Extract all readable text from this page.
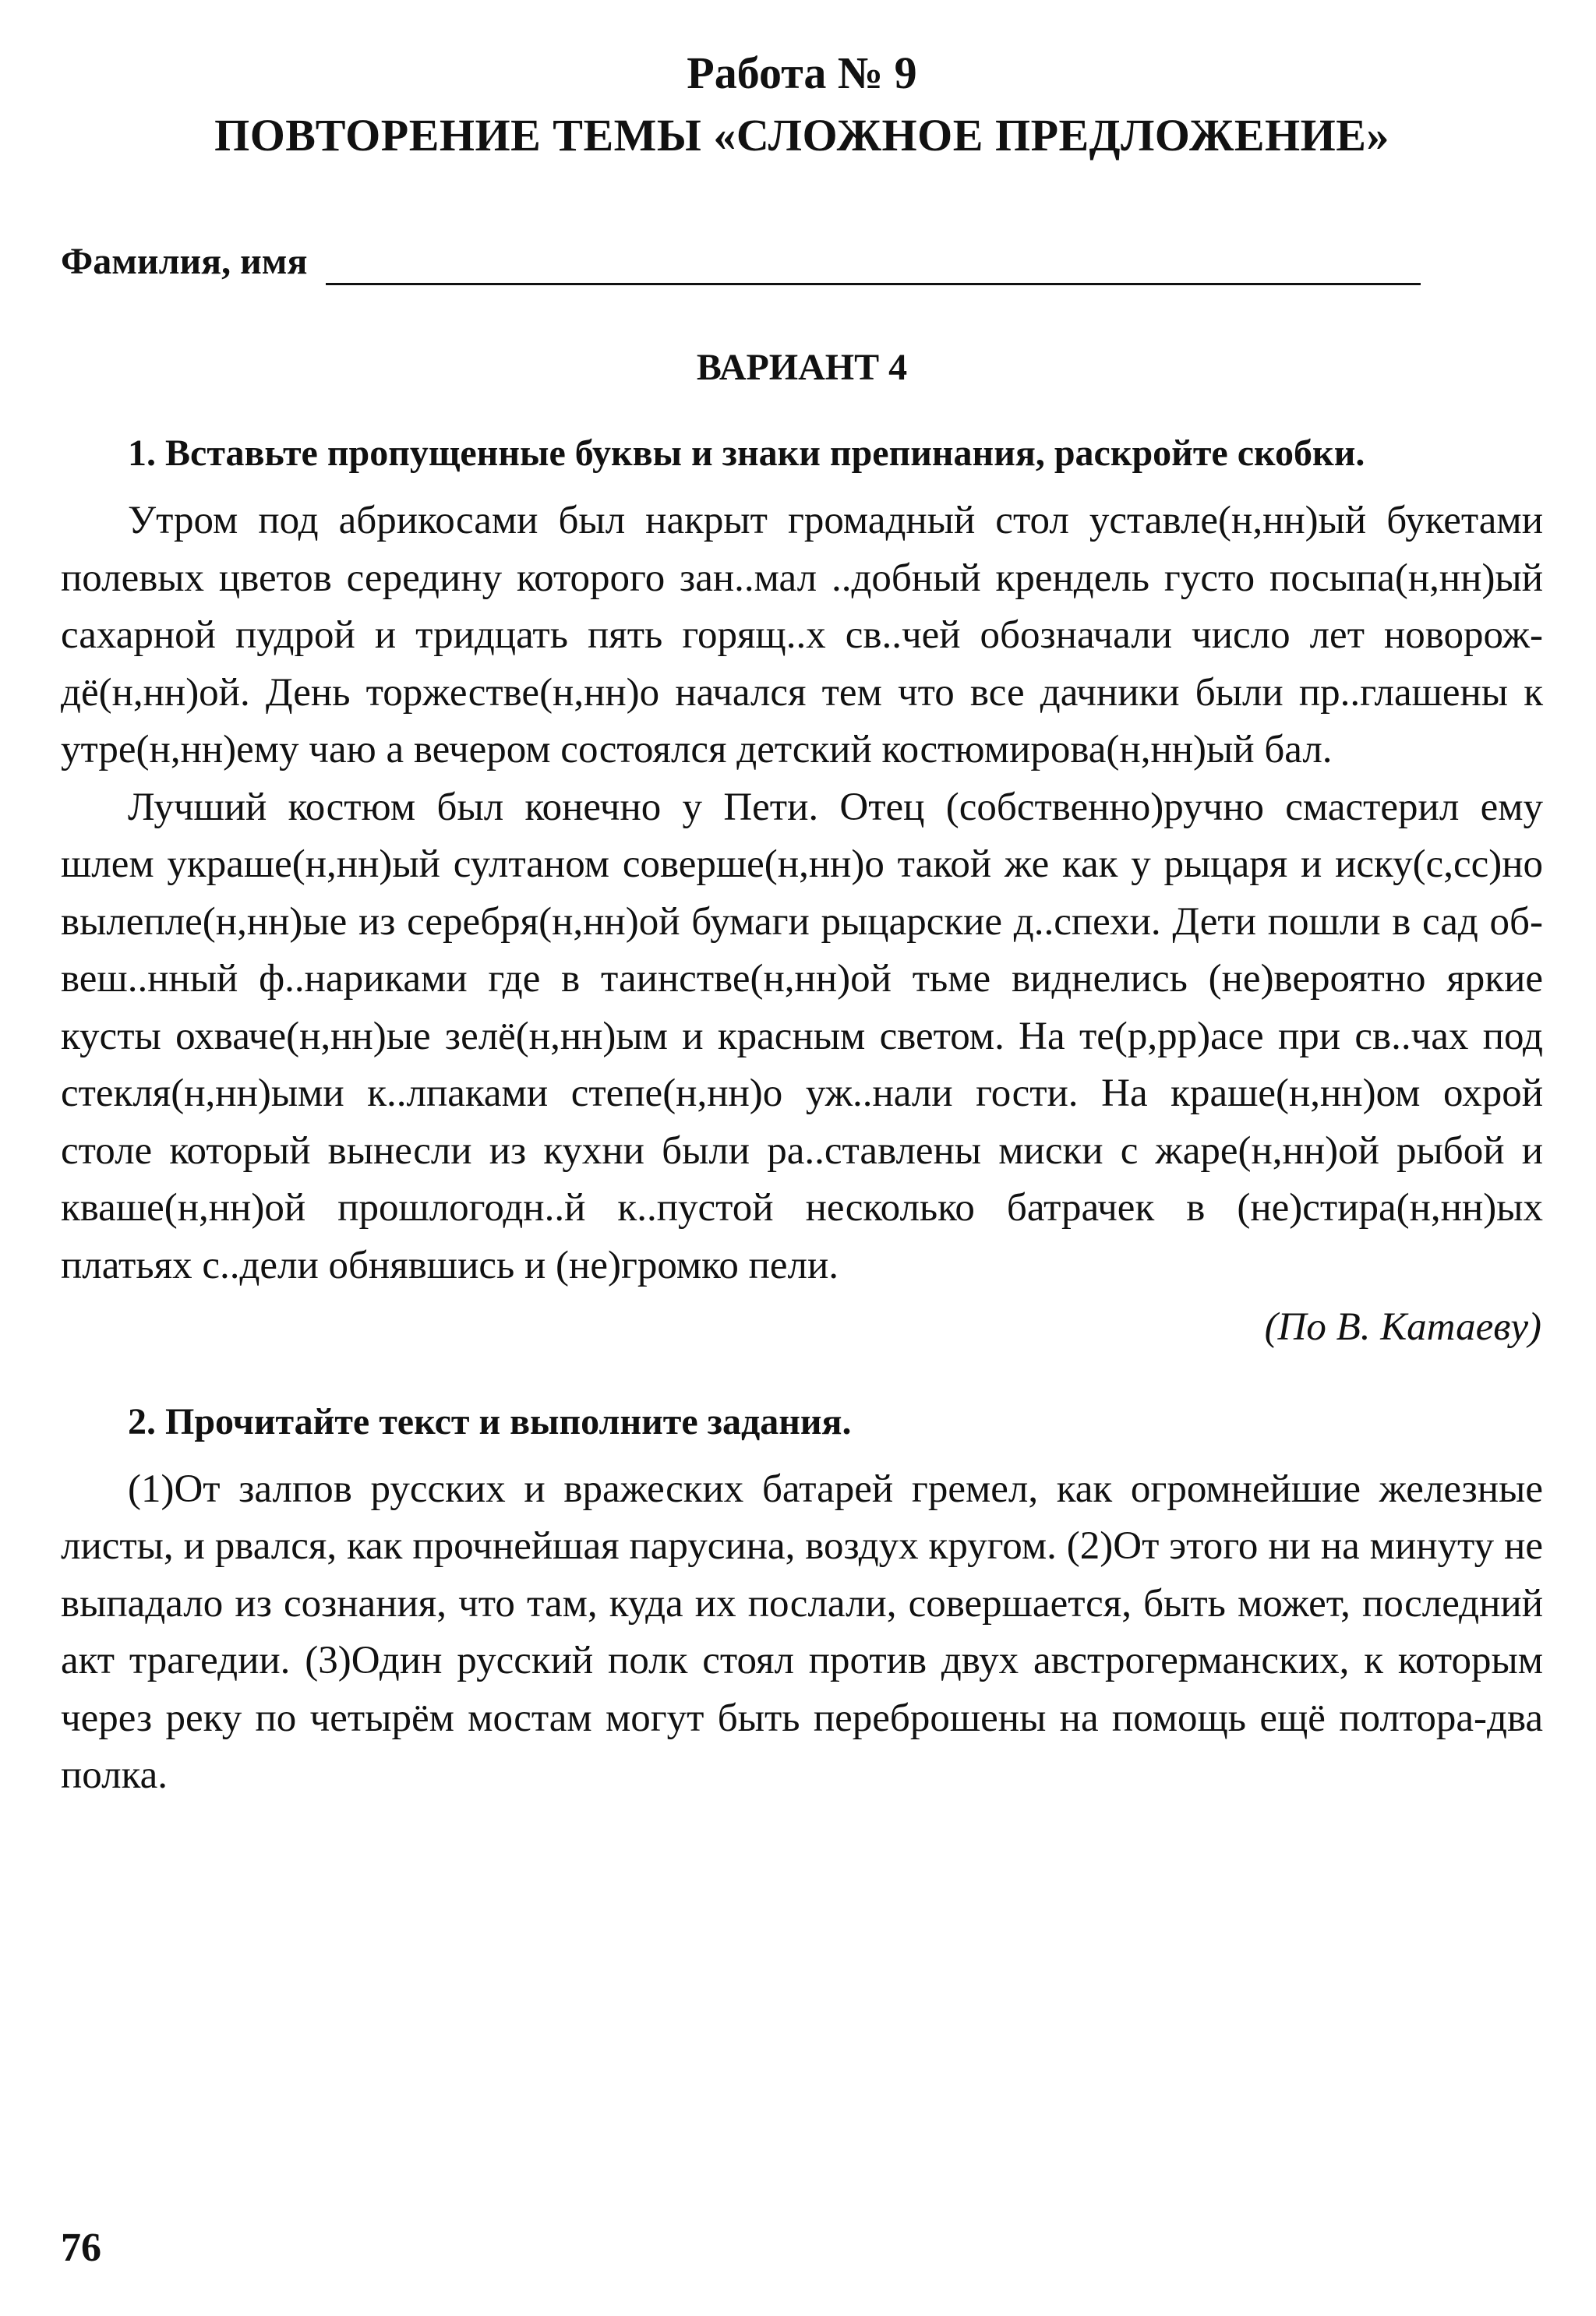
Работа № 9

ПОВТОРЕНИЕ ТЕМЫ «СЛОЖНОЕ ПРЕДЛОЖЕНИЕ»

Фамилия, имя
ВАРИАНТ 4

1. Вставьте пропущенные буквы и знаки препинания, раскройте скобки.

Утром под абрикосами был накрыт громадный стол уставле(н,нн)ый букетами полевых цветов середину которого зан..мал ..добный крендель густо посыпа(н,нн)ый сахарной пудрой и тридцать пять горящ..х св..чей обозначали число лет новорождё(н,нн)ой. День торжестве(н,нн)о начался тем что все дачники были пр..глашены к утре(н,нн)ему чаю а вечером состоялся детский костюмирова(н,нн)ый бал.

Лучший костюм был конечно у Пети. Отец (собственно)ручно смастерил ему шлем украше(н,нн)ый султаном соверше(н,нн)о такой же как у рыцаря и иску(с,сс)но вылепле(н,нн)ые из серебря(н,нн)ой бумаги рыцарские д..спехи. Дети пошли в сад обвеш..нный ф..нариками где в таинстве(н,нн)ой тьме виднелись (не)вероятно яркие кусты охваче(н,нн)ые зелё(н,нн)ым и красным светом. На те(р,рр)асе при св..чах под стекля(н,нн)ыми к..лпаками степе(н,нн)о уж..нали гости. На краше(н,нн)ом охрой столе который вынесли из кухни были ра..ставлены миски с жаре(н,нн)ой рыбой и кваше(н,нн)ой прошлогодн..й к..пустой несколько батрачек в (не)стира(н,нн)ых платьях с..дели обнявшись и (не)громко пели.

(По В. Катаеву)

2. Прочитайте текст и выполните задания.

(1)От залпов русских и вражеских батарей гремел, как огромнейшие железные листы, и рвался, как прочнейшая парусина, воздух кругом. (2)От этого ни на минуту не выпадало из сознания, что там, куда их послали, совершается, быть может, последний акт трагедии. (3)Один русский полк стоял против двух австрогерманских, к которым через реку по четырём мостам могут быть переброшены на помощь ещё полтора-два полка.

76
